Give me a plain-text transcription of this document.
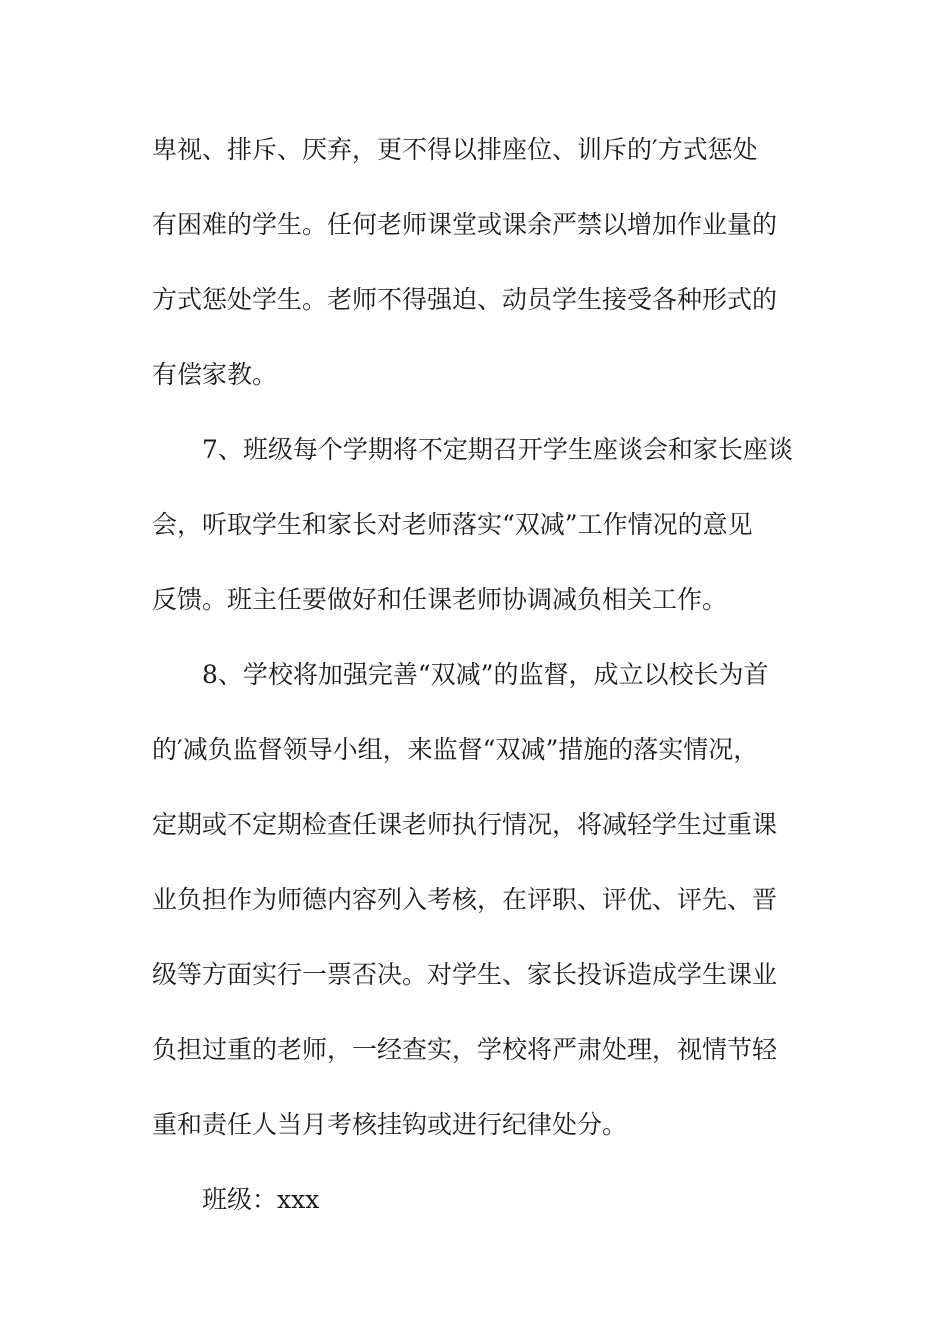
卑视、排斥、厌弃，更不得以排座位、训斥的′方式惩处
有困难的学生。任何老师课堂或课余严禁以增加作业量的
方式惩处学生。老师不得强迫、动员学生接受各种形式的
有偿家教。
7、班级每个学期将不定期召开学生座谈会和家长座谈
会，听取学生和家长对老师落实“双减”工作情况的意见
反馈。班主任要做好和任课老师协调减负相关工作。
8、学校将加强完善“双减”的监督，成立以校长为首
的′减负监督领导小组，来监督“双减”措施的落实情况，
定期或不定期检查任课老师执行情况，将减轻学生过重课
业负担作为师德内容列入考核，在评职、评优、评先、晋
级等方面实行一票否决。对学生、家长投诉造成学生课业
负担过重的老师，一经查实，学校将严肃处理，视情节轻
重和责任人当月考核挂钩或进行纪律处分。
班级：xxx
